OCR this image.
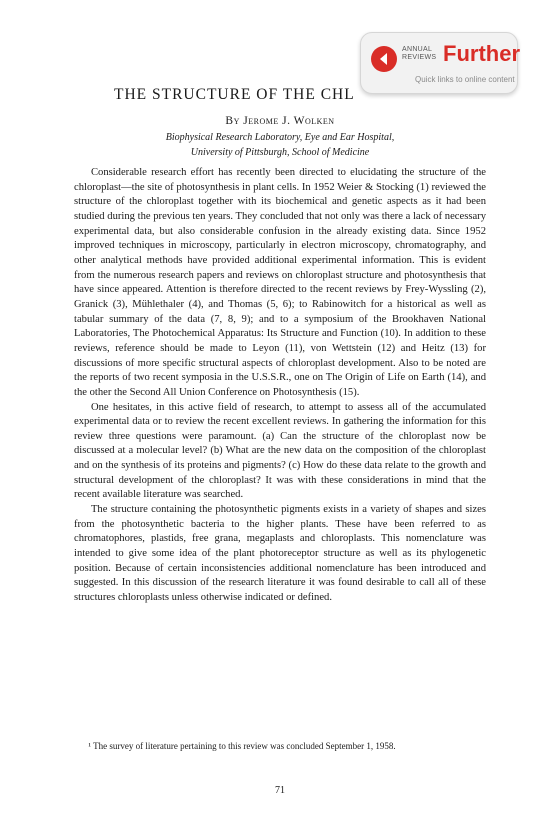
ANNUAL
REVIEWS Further
Quick links to online content
THE STRUCTURE OF THE CHL
By Jerome J. Wolken
Biophysical Research Laboratory, Eye and Ear Hospital,
University of Pittsburgh, School of Medicine

Considerable research effort has recently been directed to elucidating the structure of the chloroplast—the site of photosynthesis in plant cells. In 1952 Weier & Stocking (1) reviewed the structure of the chloroplast together with its biochemical and genetic aspects as it had been studied during the previous ten years. They concluded that not only was there a lack of necessary experimental data, but also considerable confusion in the already existing data. Since 1952 improved techniques in microscopy, particularly in electron microscopy, chromatography, and other analytical methods have provided additional experimental information. This is evident from the numerous research papers and reviews on chloroplast structure and photosynthesis that have since appeared. Attention is therefore directed to the recent reviews by Frey-Wyssling (2), Granick (3), Mühlethaler (4), and Thomas (5, 6); to Rabinowitch for a historical as well as tabular summary of the data (7, 8, 9); and to a symposium of the Brookhaven National Laboratories, The Photochemical Apparatus: Its Structure and Function (10). In addition to these reviews, reference should be made to Leyon (11), von Wettstein (12) and Heitz (13) for discussions of more specific structural aspects of chloroplast development. Also to be noted are the reports of two recent symposia in the U.S.S.R., one on The Origin of Life on Earth (14), and the other the Second All Union Conference on Photosynthesis (15).

One hesitates, in this active field of research, to attempt to assess all of the accumulated experimental data or to review the recent excellent reviews. In gathering the information for this review three questions were paramount. (a) Can the structure of the chloroplast now be discussed at a molecular level? (b) What are the new data on the composition of the chloroplast and on the synthesis of its proteins and pigments? (c) How do these data relate to the growth and structural development of the chloroplast? It was with these considerations in mind that the recent available literature was searched.

The structure containing the photosynthetic pigments exists in a variety of shapes and sizes from the photosynthetic bacteria to the higher plants. These have been referred to as chromatophores, plastids, free grana, megaplasts and chloroplasts. This nomenclature was intended to give some idea of the plant photoreceptor structure as well as its phylogenetic position. Because of certain inconsistencies additional nomenclature has been introduced and suggested. In this discussion of the research literature it was found desirable to call all of these structures chloroplasts unless otherwise indicated or defined.

¹ The survey of literature pertaining to this review was concluded September 1, 1958.
71
